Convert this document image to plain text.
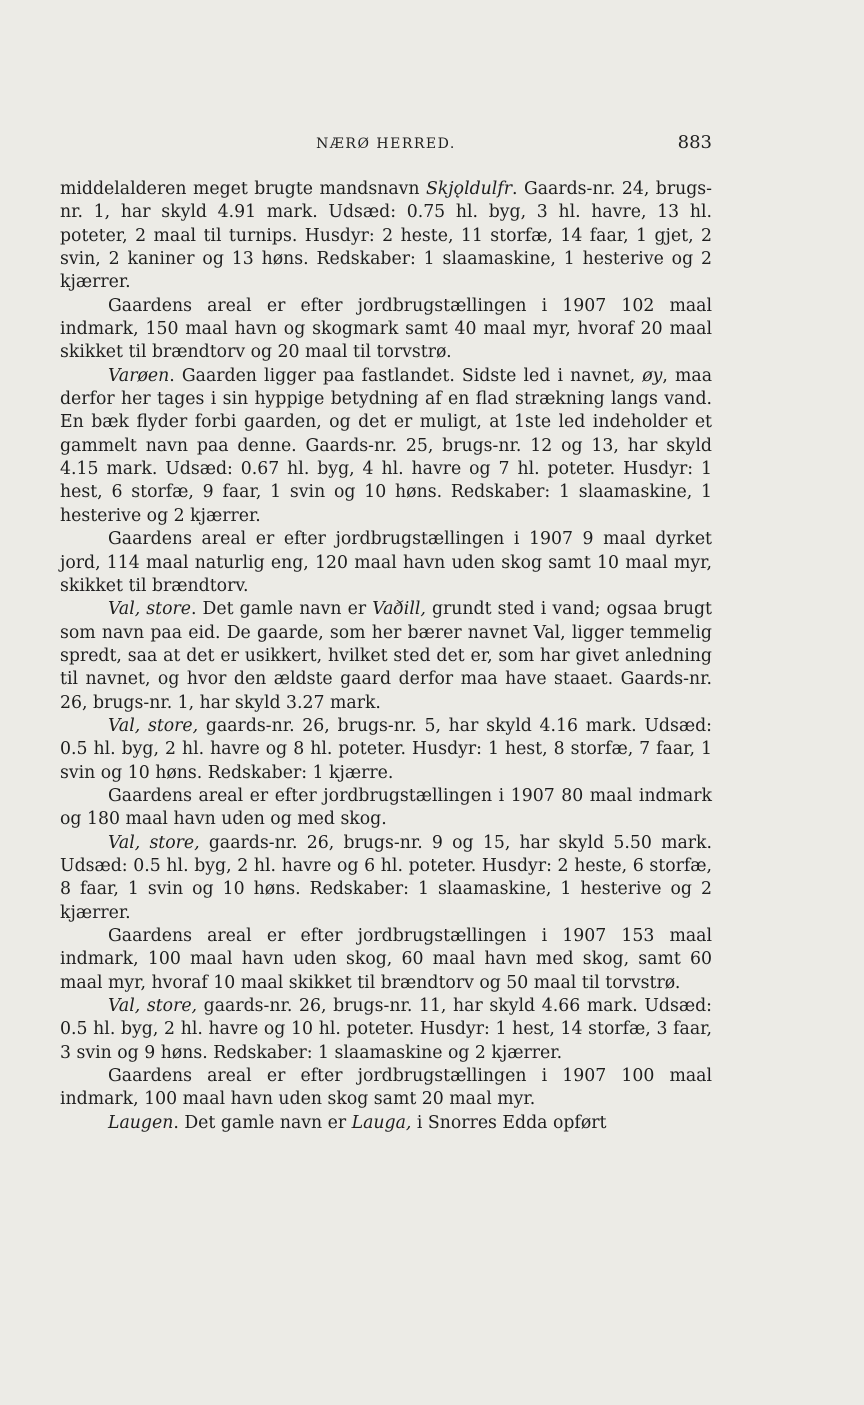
NÆRØ HERRED.	883
middelalderen meget brugte mandsnavn Skjǫldulfr. Gaards-nr. 24, brugs-nr. 1, har skyld 4.91 mark. Udsæd: 0.75 hl. byg, 3 hl. havre, 13 hl. poteter, 2 maal til turnips. Husdyr: 2 heste, 11 storfæ, 14 faar, 1 gjet, 2 svin, 2 kaniner og 13 høns. Redskaber: 1 slaamaskine, 1 hesterive og 2 kjærrer.
Gaardens areal er efter jordbrugstællingen i 1907 102 maal indmark, 150 maal havn og skogmark samt 40 maal myr, hvoraf 20 maal skikket til brændtorv og 20 maal til torvstrø.
Varøen. Gaarden ligger paa fastlandet. Sidste led i navnet, øy, maa derfor her tages i sin hyppige betydning af en flad strækning langs vand. En bæk flyder forbi gaarden, og det er muligt, at 1ste led indeholder et gammelt navn paa denne. Gaards-nr. 25, brugs-nr. 12 og 13, har skyld 4.15 mark. Udsæd: 0.67 hl. byg, 4 hl. havre og 7 hl. poteter. Husdyr: 1 hest, 6 storfæ, 9 faar, 1 svin og 10 høns. Redskaber: 1 slaamaskine, 1 hesterive og 2 kjærrer.
Gaardens areal er efter jordbrugstællingen i 1907 9 maal dyrket jord, 114 maal naturlig eng, 120 maal havn uden skog samt 10 maal myr, skikket til brændtorv.
Val, store. Det gamle navn er Vaðill, grundt sted i vand; ogsaa brugt som navn paa eid. De gaarde, som her bærer navnet Val, ligger temmelig spredt, saa at det er usikkert, hvilket sted det er, som har givet anledning til navnet, og hvor den ældste gaard derfor maa have staaet. Gaards-nr. 26, brugs-nr. 1, har skyld 3.27 mark.
Val, store, gaards-nr. 26, brugs-nr. 5, har skyld 4.16 mark. Udsæd: 0.5 hl. byg, 2 hl. havre og 8 hl. poteter. Husdyr: 1 hest, 8 storfæ, 7 faar, 1 svin og 10 høns. Redskaber: 1 kjærre.
Gaardens areal er efter jordbrugstællingen i 1907 80 maal indmark og 180 maal havn uden og med skog.
Val, store, gaards-nr. 26, brugs-nr. 9 og 15, har skyld 5.50 mark. Udsæd: 0.5 hl. byg, 2 hl. havre og 6 hl. poteter. Husdyr: 2 heste, 6 storfæ, 8 faar, 1 svin og 10 høns. Redskaber: 1 slaamaskine, 1 hesterive og 2 kjærrer.
Gaardens areal er efter jordbrugstællingen i 1907 153 maal indmark, 100 maal havn uden skog, 60 maal havn med skog, samt 60 maal myr, hvoraf 10 maal skikket til brændtorv og 50 maal til torvstrø.
Val, store, gaards-nr. 26, brugs-nr. 11, har skyld 4.66 mark. Udsæd: 0.5 hl. byg, 2 hl. havre og 10 hl. poteter. Husdyr: 1 hest, 14 storfæ, 3 faar, 3 svin og 9 høns. Redskaber: 1 slaamaskine og 2 kjærrer.
Gaardens areal er efter jordbrugstællingen i 1907 100 maal indmark, 100 maal havn uden skog samt 20 maal myr.
Laugen. Det gamle navn er Lauga, i Snorres Edda opført
